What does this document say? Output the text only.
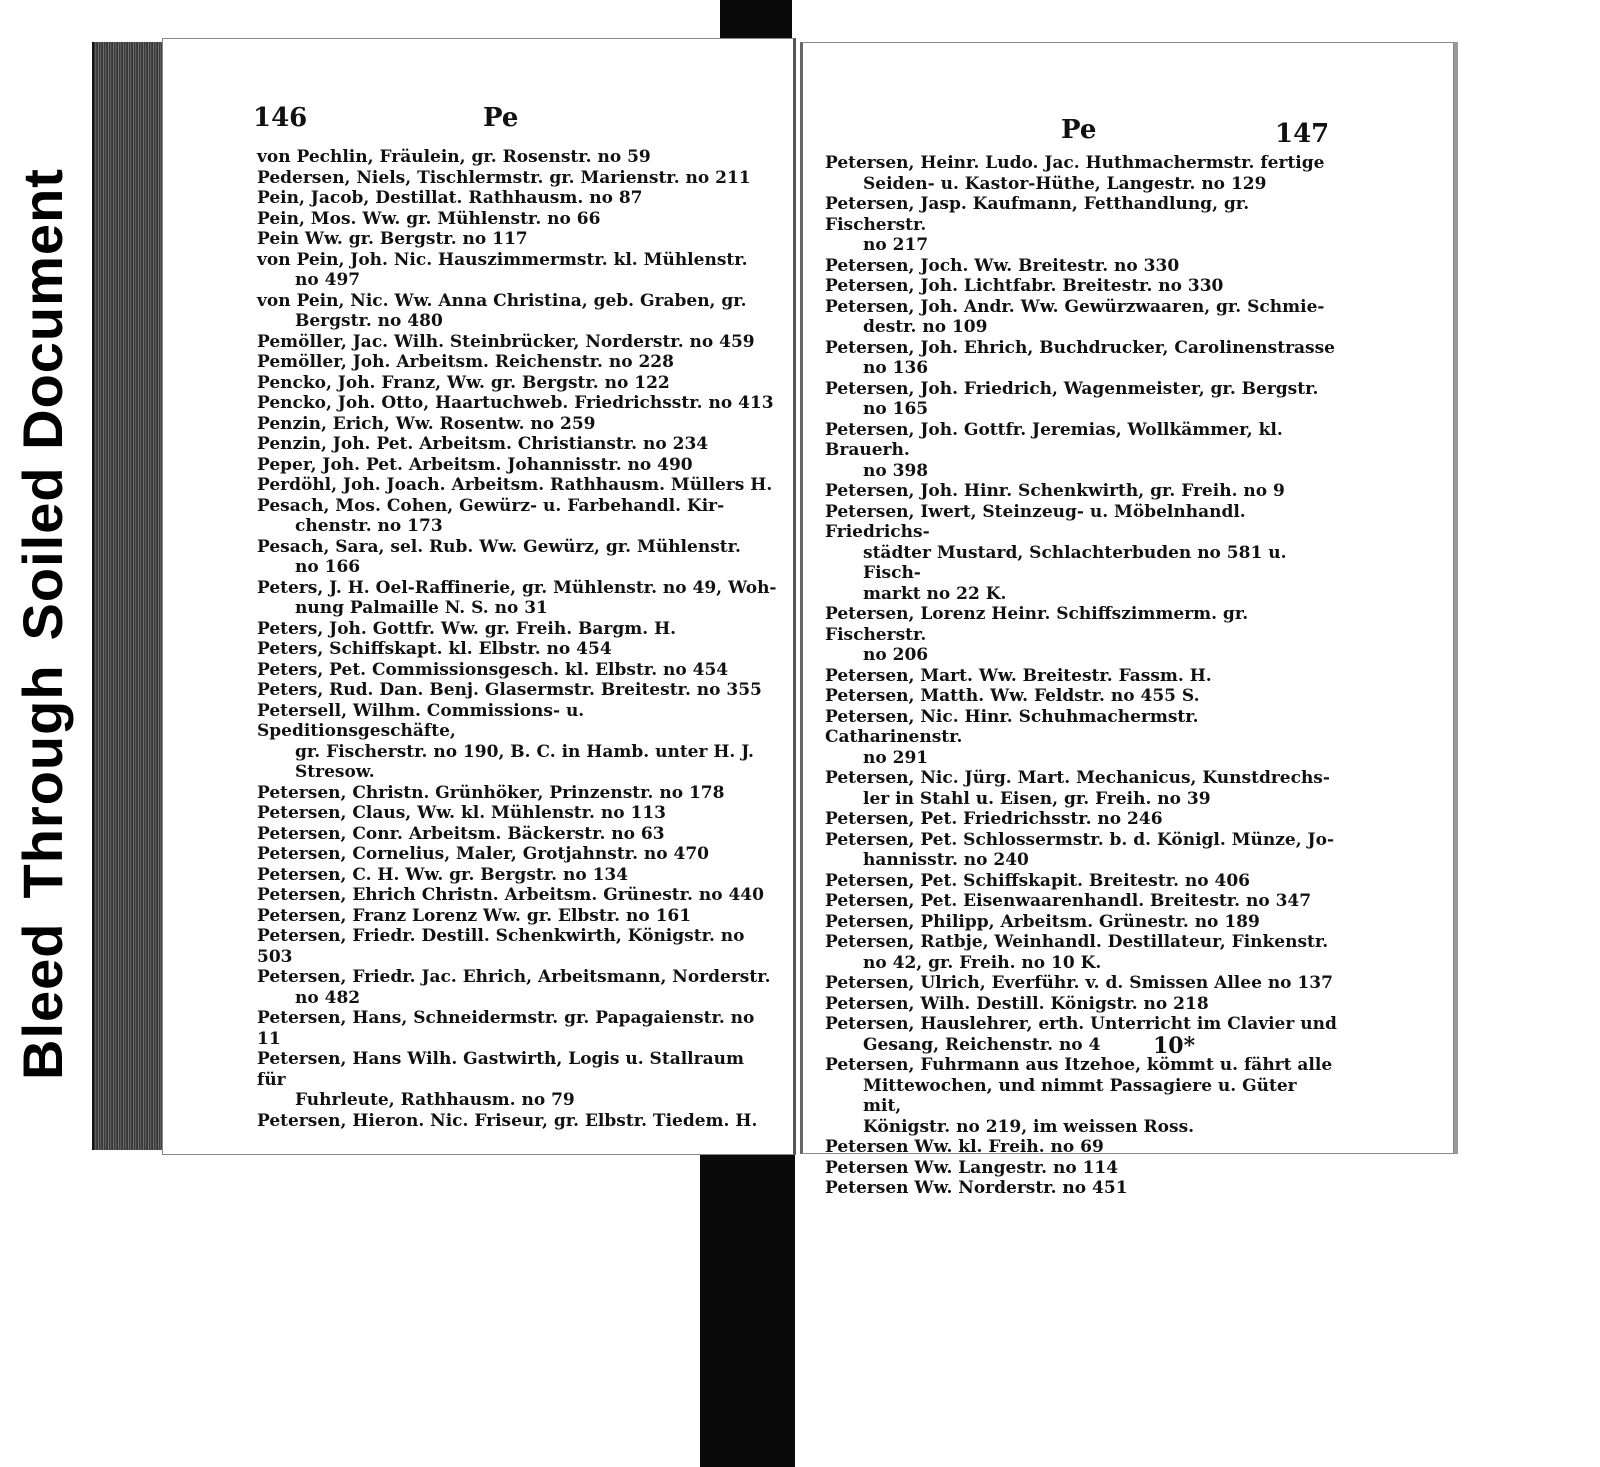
BleedThroughSoiled Document
146	Pe
von Pechlin, Fräulein, gr. Rosenstr. no 59
Pedersen, Niels, Tischlermstr. gr. Marienstr. no 211
Pein, Jacob, Destillat. Rathhausm. no 87
Pein, Mos. Ww. gr. Mühlenstr. no 66
Pein Ww. gr. Bergstr. no 117
von Pein, Joh. Nic. Hauszimmermstr. kl. Mühlenstr.
no 497
von Pein, Nic. Ww. Anna Christina, geb. Graben, gr.
Bergstr. no 480
Pemöller, Jac. Wilh. Steinbrücker, Norderstr. no 459
Pemöller, Joh. Arbeitsm. Reichenstr. no 228
Pencko, Joh. Franz, Ww. gr. Bergstr. no 122
Pencko, Joh. Otto, Haartuchweb. Friedrichsstr. no 413
Penzin, Erich, Ww. Rosentw. no 259
Penzin, Joh. Pet. Arbeitsm. Christianstr. no 234
Peper, Joh. Pet. Arbeitsm. Johannisstr. no 490
Perdöhl, Joh. Joach. Arbeitsm. Rathhausm. Müllers H.
Pesach, Mos. Cohen, Gewürz- u. Farbehandl. Kir-
chenstr. no 173
Pesach, Sara, sel. Rub. Ww. Gewürz, gr. Mühlenstr.
no 166
Peters, J. H. Oel-Raffinerie, gr. Mühlenstr. no 49, Woh-
nung Palmaille N. S. no 31
Peters, Joh. Gottfr. Ww. gr. Freih. Bargm. H.
Peters, Schiffskapt. kl. Elbstr. no 454
Peters, Pet. Commissionsgesch. kl. Elbstr. no 454
Peters, Rud. Dan. Benj. Glasermstr. Breitestr. no 355
Petersell, Wilhm. Commissions- u. Speditionsgeschäfte,
gr. Fischerstr. no 190, B. C. in Hamb. unter H. J.
Stresow.
Petersen, Christn. Grünhöker, Prinzenstr. no 178
Petersen, Claus, Ww. kl. Mühlenstr. no 113
Petersen, Conr. Arbeitsm. Bäckerstr. no 63
Petersen, Cornelius, Maler, Grotjahnstr. no 470
Petersen, C. H. Ww. gr. Bergstr. no 134
Petersen, Ehrich Christn. Arbeitsm. Grünestr. no 440
Petersen, Franz Lorenz Ww. gr. Elbstr. no 161
Petersen, Friedr. Destill. Schenkwirth, Königstr. no 503
Petersen, Friedr. Jac. Ehrich, Arbeitsmann, Norderstr.
no 482
Petersen, Hans, Schneidermstr. gr. Papagaienstr. no 11
Petersen, Hans Wilh. Gastwirth, Logis u. Stallraum für
Fuhrleute, Rathhausm. no 79
Petersen, Hieron. Nic. Friseur, gr. Elbstr. Tiedem. H.
Pe	147
Petersen, Heinr. Ludo. Jac. Huthmachermstr. fertige
Seiden- u. Kastor-Hüthe, Langestr. no 129
Petersen, Jasp. Kaufmann, Fetthandlung, gr. Fischerstr.
no 217
Petersen, Joch. Ww. Breitestr. no 330
Petersen, Joh. Lichtfabr. Breitestr. no 330
Petersen, Joh. Andr. Ww. Gewürzwaaren, gr. Schmie-
destr. no 109
Petersen, Joh. Ehrich, Buchdrucker, Carolinenstrasse
no 136
Petersen, Joh. Friedrich, Wagenmeister, gr. Bergstr.
no 165
Petersen, Joh. Gottfr. Jeremias, Wollkämmer, kl. Brauerh.
no 398
Petersen, Joh. Hinr. Schenkwirth, gr. Freih. no 9
Petersen, Iwert, Steinzeug- u. Möbelnhandl. Friedrichs-
städter Mustard, Schlachterbuden no 581 u. Fisch-
markt no 22 K.
Petersen, Lorenz Heinr. Schiffszimmerm. gr. Fischerstr.
no 206
Petersen, Mart. Ww. Breitestr. Fassm. H.
Petersen, Matth. Ww. Feldstr. no 455 S.
Petersen, Nic. Hinr. Schuhmachermstr. Catharinenstr.
no 291
Petersen, Nic. Jürg. Mart. Mechanicus, Kunstdrechs-
ler in Stahl u. Eisen, gr. Freih. no 39
Petersen, Pet. Friedrichsstr. no 246
Petersen, Pet. Schlossermstr. b. d. Königl. Münze, Jo-
hannisstr. no 240
Petersen, Pet. Schiffskapit. Breitestr. no 406
Petersen, Pet. Eisenwaarenhandl. Breitestr. no 347
Petersen, Philipp, Arbeitsm. Grünestr. no 189
Petersen, Ratbje, Weinhandl. Destillateur, Finkenstr.
no 42, gr. Freih. no 10 K.
Petersen, Ulrich, Everführ. v. d. Smissen Allee no 137
Petersen, Wilh. Destill. Königstr. no 218
Petersen, Hauslehrer, erth. Unterricht im Clavier und
Gesang, Reichenstr. no 4
Petersen, Fuhrmann aus Itzehoe, kömmt u. fährt alle
Mittewochen, und nimmt Passagiere u. Güter mit,
Königstr. no 219, im weissen Ross.
Petersen Ww. kl. Freih. no 69
Petersen Ww. Langestr. no 114
Petersen Ww. Norderstr. no 451
10*
